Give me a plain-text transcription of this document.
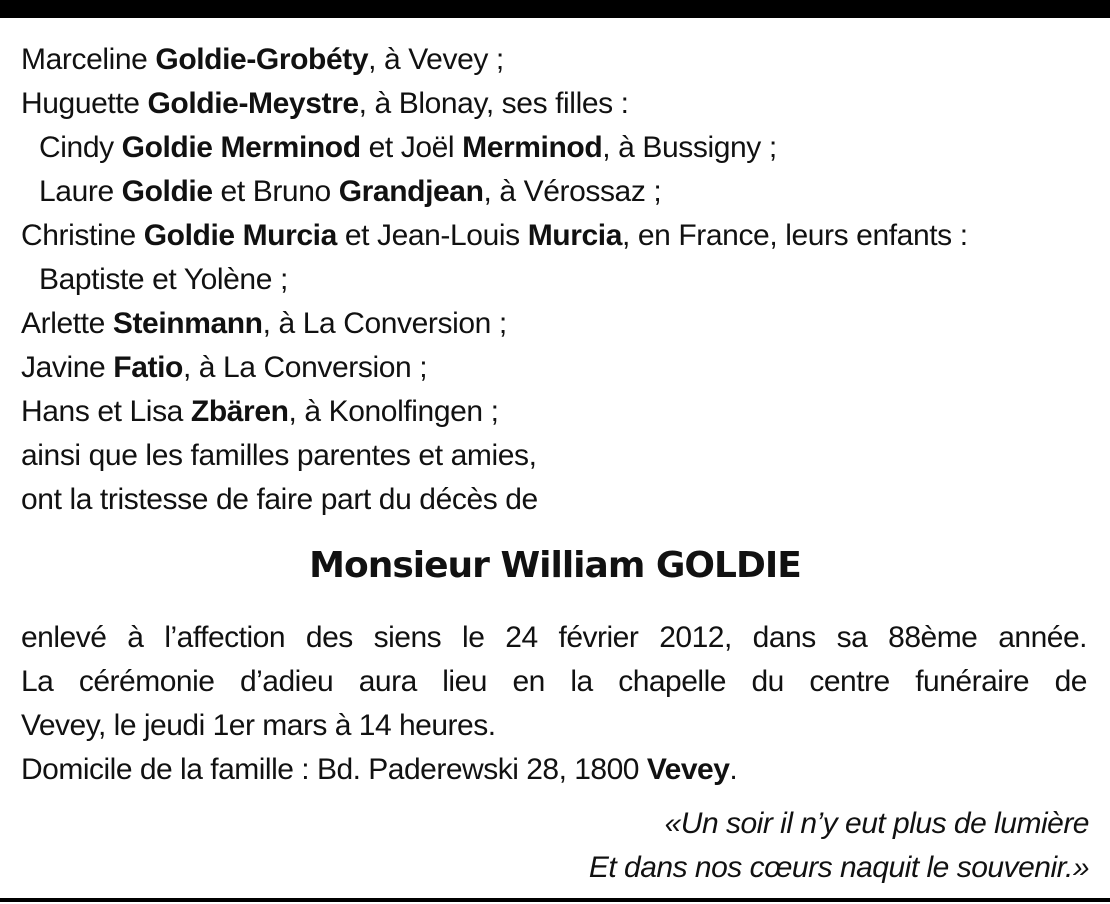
Marceline Goldie-Grobéty, à Vevey ;
Huguette Goldie-Meystre, à Blonay, ses filles :
Cindy Goldie Merminod et Joël Merminod, à Bussigny ;
Laure Goldie et Bruno Grandjean, à Vérossaz ;
Christine Goldie Murcia et Jean-Louis Murcia, en France, leurs enfants :
Baptiste et Yolène ;
Arlette Steinmann, à La Conversion ;
Javine Fatio, à La Conversion ;
Hans et Lisa Zbären, à Konolfingen ;
ainsi que les familles parentes et amies,
ont la tristesse de faire part du décès de
Monsieur William GOLDIE
enlevé à l’affection des siens le 24 février 2012, dans sa 88ème année.
La cérémonie d’adieu aura lieu en la chapelle du centre funéraire de
Vevey, le jeudi 1er mars à 14 heures.
Domicile de la famille : Bd. Paderewski 28, 1800 Vevey.
«Un soir il n’y eut plus de lumière
Et dans nos cœurs naquit le souvenir.»
